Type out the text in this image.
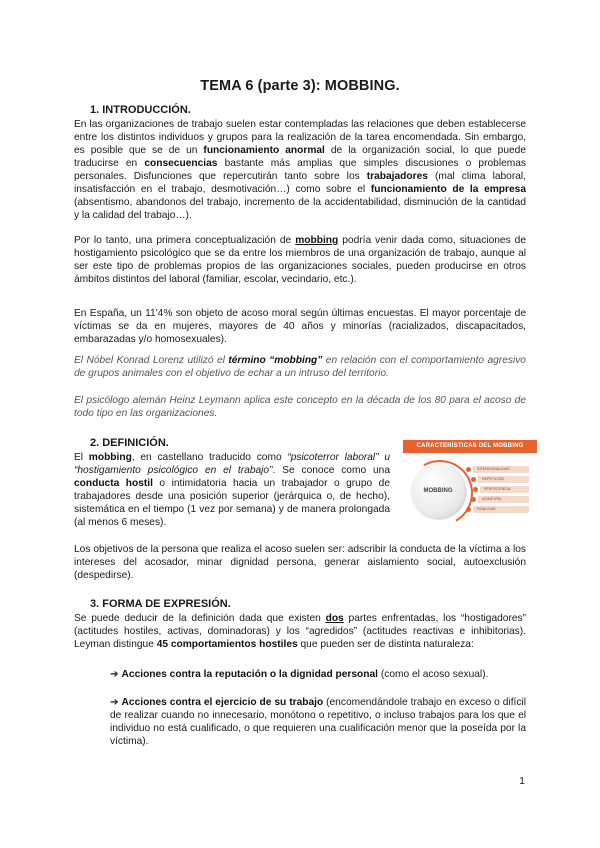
TEMA 6 (parte 3): MOBBING.
1. INTRODUCCIÓN.

En las organizaciones de trabajo suelen estar contempladas las relaciones que deben establecerse entre los distintos individuos y grupos para la realización de la tarea encomendada. Sin embargo, es posible que se de un funcionamiento anormal de la organización social, lo que puede traducirse en consecuencias bastante más amplias que simples discusiones o problemas personales. Disfunciones que repercutirán tanto sobre los trabajadores (mal clima laboral, insatisfacción en el trabajo, desmotivación…) como sobre el funcionamiento de la empresa (absentismo, abandonos del trabajo, incremento de la accidentabilidad, disminución de la cantidad y la calidad del trabajo…).

Por lo tanto, una primera conceptualización de mobbing podría venir dada como, situaciones de hostigamiento psicológico que se da entre los miembros de una organización de trabajo, aunque al ser este tipo de problemas propios de las organizaciones sociales, pueden producirse en otros ámbitos distintos del laboral (familiar, escolar, vecindario, etc.).

En España, un 11'4% son objeto de acoso moral según últimas encuestas. El mayor porcentaje de víctimas se da en mujeres, mayores de 40 años y minorías (racializados, discapacitados, embarazadas y/o homosexuales).

El Nóbel Konrad Lorenz utilizó el término “mobbing” en relación con el comportamiento agresivo de grupos animales con el objetivo de echar a un intruso del territorio.

El psicólogo alemán Heinz Leymann aplica este concepto en la década de los 80 para el acoso de todo tipo en las organizaciones.

2. DEFINICIÓN.

El mobbing, en castellano traducido como “psicoterror laboral” u “hostigamiento psicológico en el trabajo”. Se conoce como una conducta hostil o intimidatoria hacia un trabajador o grupo de trabajadores desde una posición superior (jerárquica o, de hecho), sistemática en el tiempo (1 vez por semana) y de manera prolongada (al menos 6 meses).

CARACTERÍSTICAS DEL MOBBING
MOBBING
INTENCIONALIDAD
REPETICIÓN
PERSISTENCIA
ASIMETRÍA
FINALIDAD

Los objetivos de la persona que realiza el acoso suelen ser: adscribir la conducta de la víctima a los intereses del acosador, minar dignidad persona, generar aislamiento social, autoexclusión (despedirse).

3. FORMA DE EXPRESIÓN.

Se puede deducir de la definición dada que existen dos partes enfrentadas, los “hostigadores” (actitudes hostiles, activas, dominadoras) y los “agredidos” (actitudes reactivas e inhibitorias). Leyman distingue 45 comportamientos hostiles que pueden ser de distinta naturaleza:

➔ Acciones contra la reputación o la dignidad personal (como el acoso sexual).

➔ Acciones contra el ejercicio de su trabajo (encomendándole trabajo en exceso o difícil de realizar cuando no innecesario, monótono o repetitivo, o incluso trabajos para los que el individuo no está cualificado, o que requieren una cualificación menor que la poseída por la víctima).

1
